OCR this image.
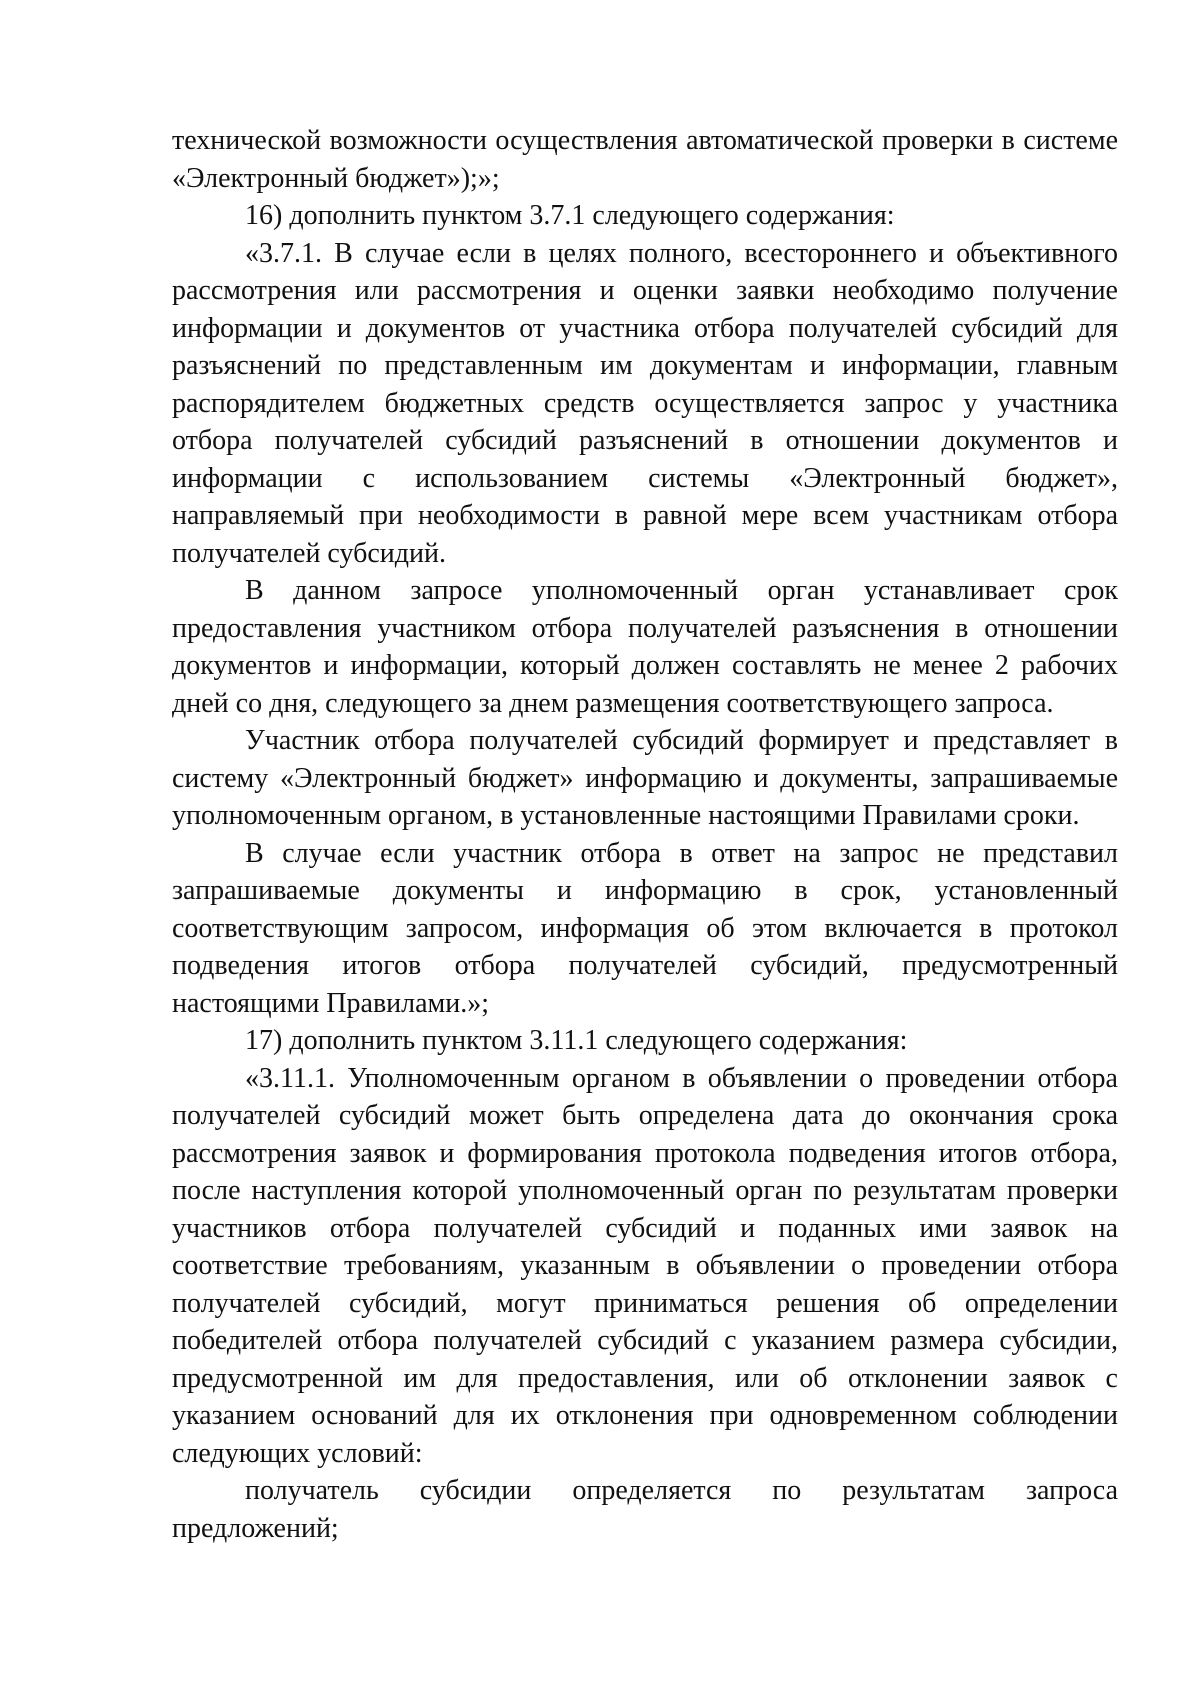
технической возможности осуществления автоматической проверки в системе «Электронный бюджет»);»;

16) дополнить пунктом 3.7.1 следующего содержания:

«3.7.1. В случае если в целях полного, всестороннего и объективного рассмотрения или рассмотрения и оценки заявки необходимо получение информации и документов от участника отбора получателей субсидий для разъяснений по представленным им документам и информации, главным распорядителем бюджетных средств осуществляется запрос у участника отбора получателей субсидий разъяснений в отношении документов и информации с использованием системы «Электронный бюджет», направляемый при необходимости в равной мере всем участникам отбора получателей субсидий.

В данном запросе уполномоченный орган устанавливает срок предоставления участником отбора получателей разъяснения в отношении документов и информации, который должен составлять не менее 2 рабочих дней со дня, следующего за днем размещения соответствующего запроса.

Участник отбора получателей субсидий формирует и представляет в систему «Электронный бюджет» информацию и документы, запрашиваемые уполномоченным органом, в установленные настоящими Правилами сроки.

В случае если участник отбора в ответ на запрос не представил запрашиваемые документы и информацию в срок, установленный соответствующим запросом, информация об этом включается в протокол подведения итогов отбора получателей субсидий, предусмотренный настоящими Правилами.»;

17) дополнить пунктом 3.11.1 следующего содержания:

«3.11.1. Уполномоченным органом в объявлении о проведении отбора получателей субсидий может быть определена дата до окончания срока рассмотрения заявок и формирования протокола подведения итогов отбора, после наступления которой уполномоченный орган по результатам проверки участников отбора получателей субсидий и поданных ими заявок на соответствие требованиям, указанным в объявлении о проведении отбора получателей субсидий, могут приниматься решения об определении победителей отбора получателей субсидий с указанием размера субсидии, предусмотренной им для предоставления, или об отклонении заявок с указанием оснований для их отклонения при одновременном соблюдении следующих условий:

получатель субсидии определяется по результатам запроса предложений;
